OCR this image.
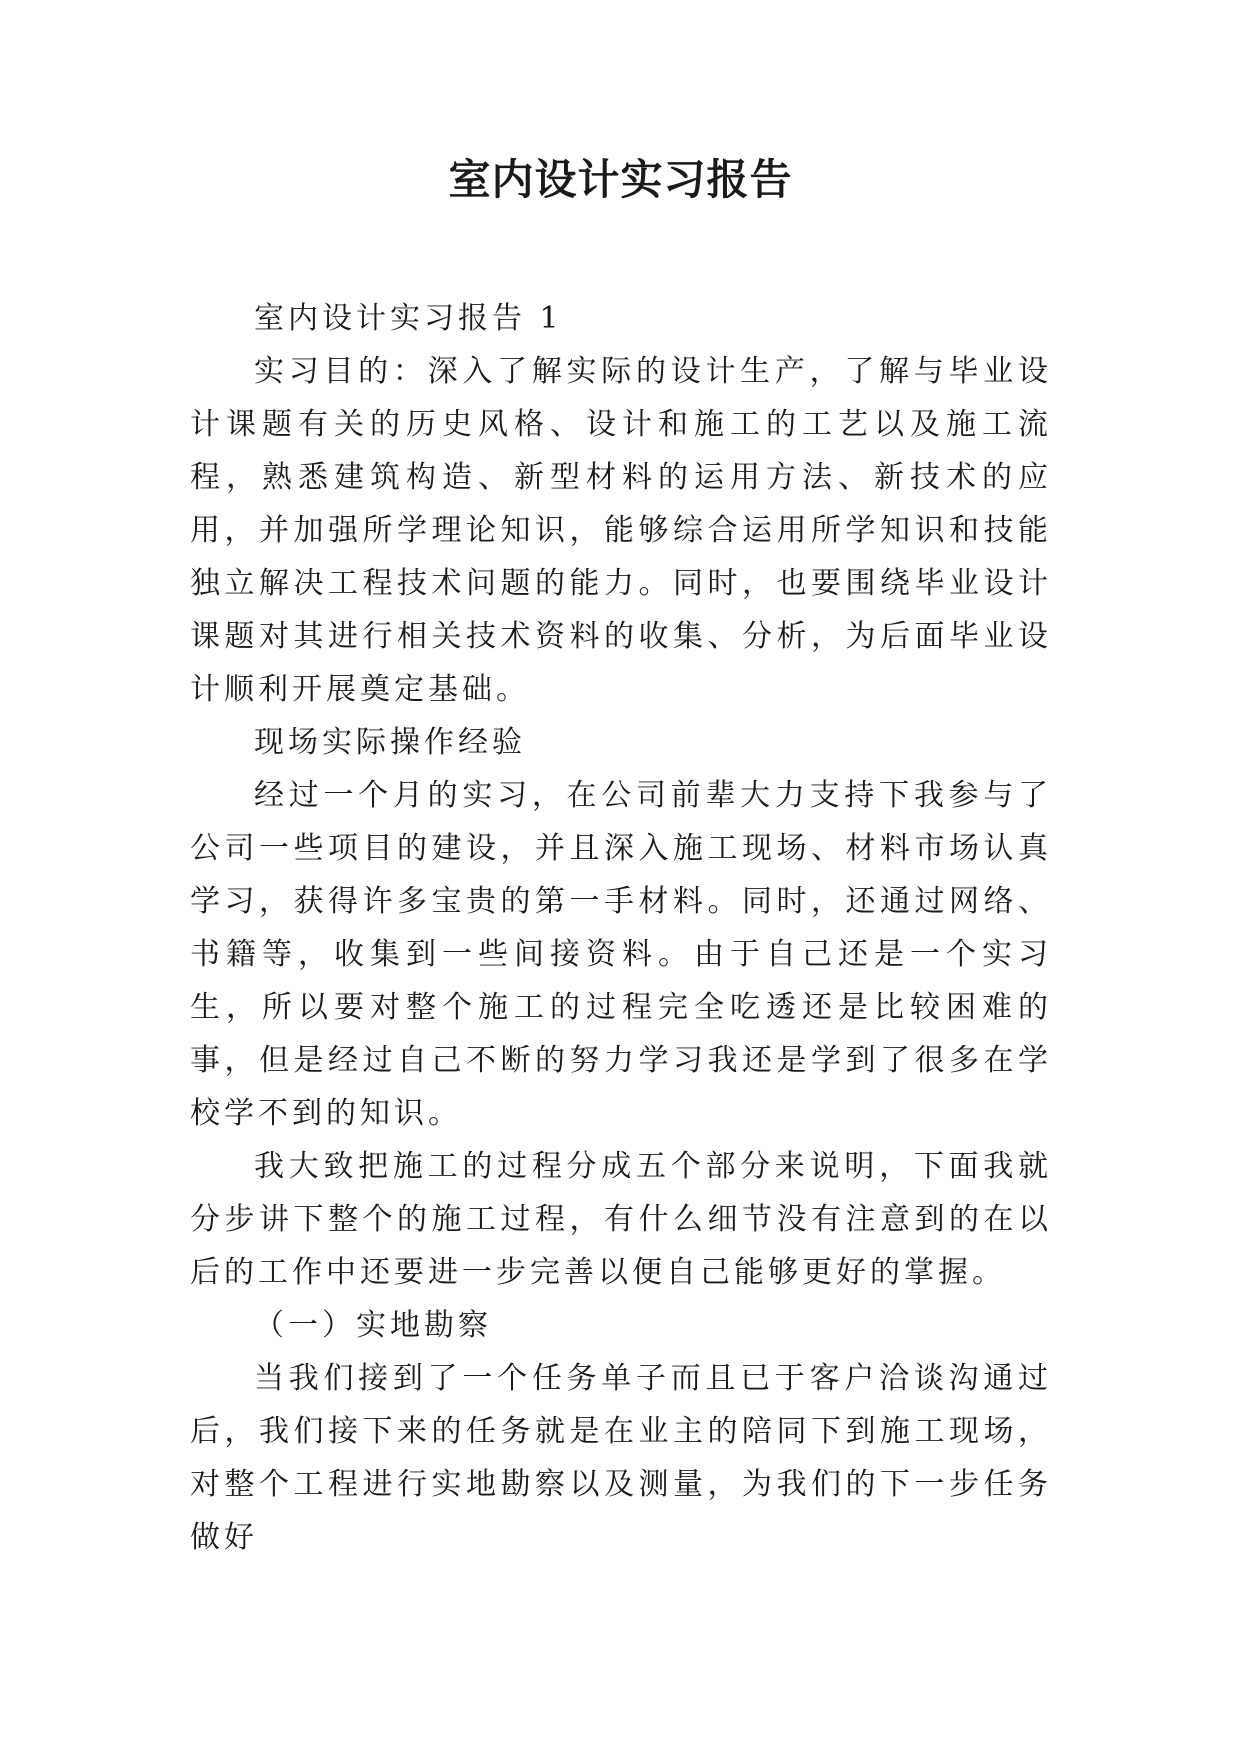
室内设计实习报告

室内设计实习报告 1

实习目的：深入了解实际的设计生产，了解与毕业设计课题有关的历史风格、设计和施工的工艺以及施工流程，熟悉建筑构造、新型材料的运用方法、新技术的应用，并加强所学理论知识，能够综合运用所学知识和技能独立解决工程技术问题的能力。同时，也要围绕毕业设计课题对其进行相关技术资料的收集、分析，为后面毕业设计顺利开展奠定基础。

现场实际操作经验

经过一个月的实习，在公司前辈大力支持下我参与了公司一些项目的建设，并且深入施工现场、材料市场认真学习，获得许多宝贵的第一手材料。同时，还通过网络、书籍等，收集到一些间接资料。由于自己还是一个实习生，所以要对整个施工的过程完全吃透还是比较困难的事，但是经过自己不断的努力学习我还是学到了很多在学校学不到的知识。

我大致把施工的过程分成五个部分来说明，下面我就分步讲下整个的施工过程，有什么细节没有注意到的在以后的工作中还要进一步完善以便自己能够更好的掌握。

（一）实地勘察

当我们接到了一个任务单子而且已于客户洽谈沟通过后，我们接下来的任务就是在业主的陪同下到施工现场，对整个工程进行实地勘察以及测量，为我们的下一步任务做好
